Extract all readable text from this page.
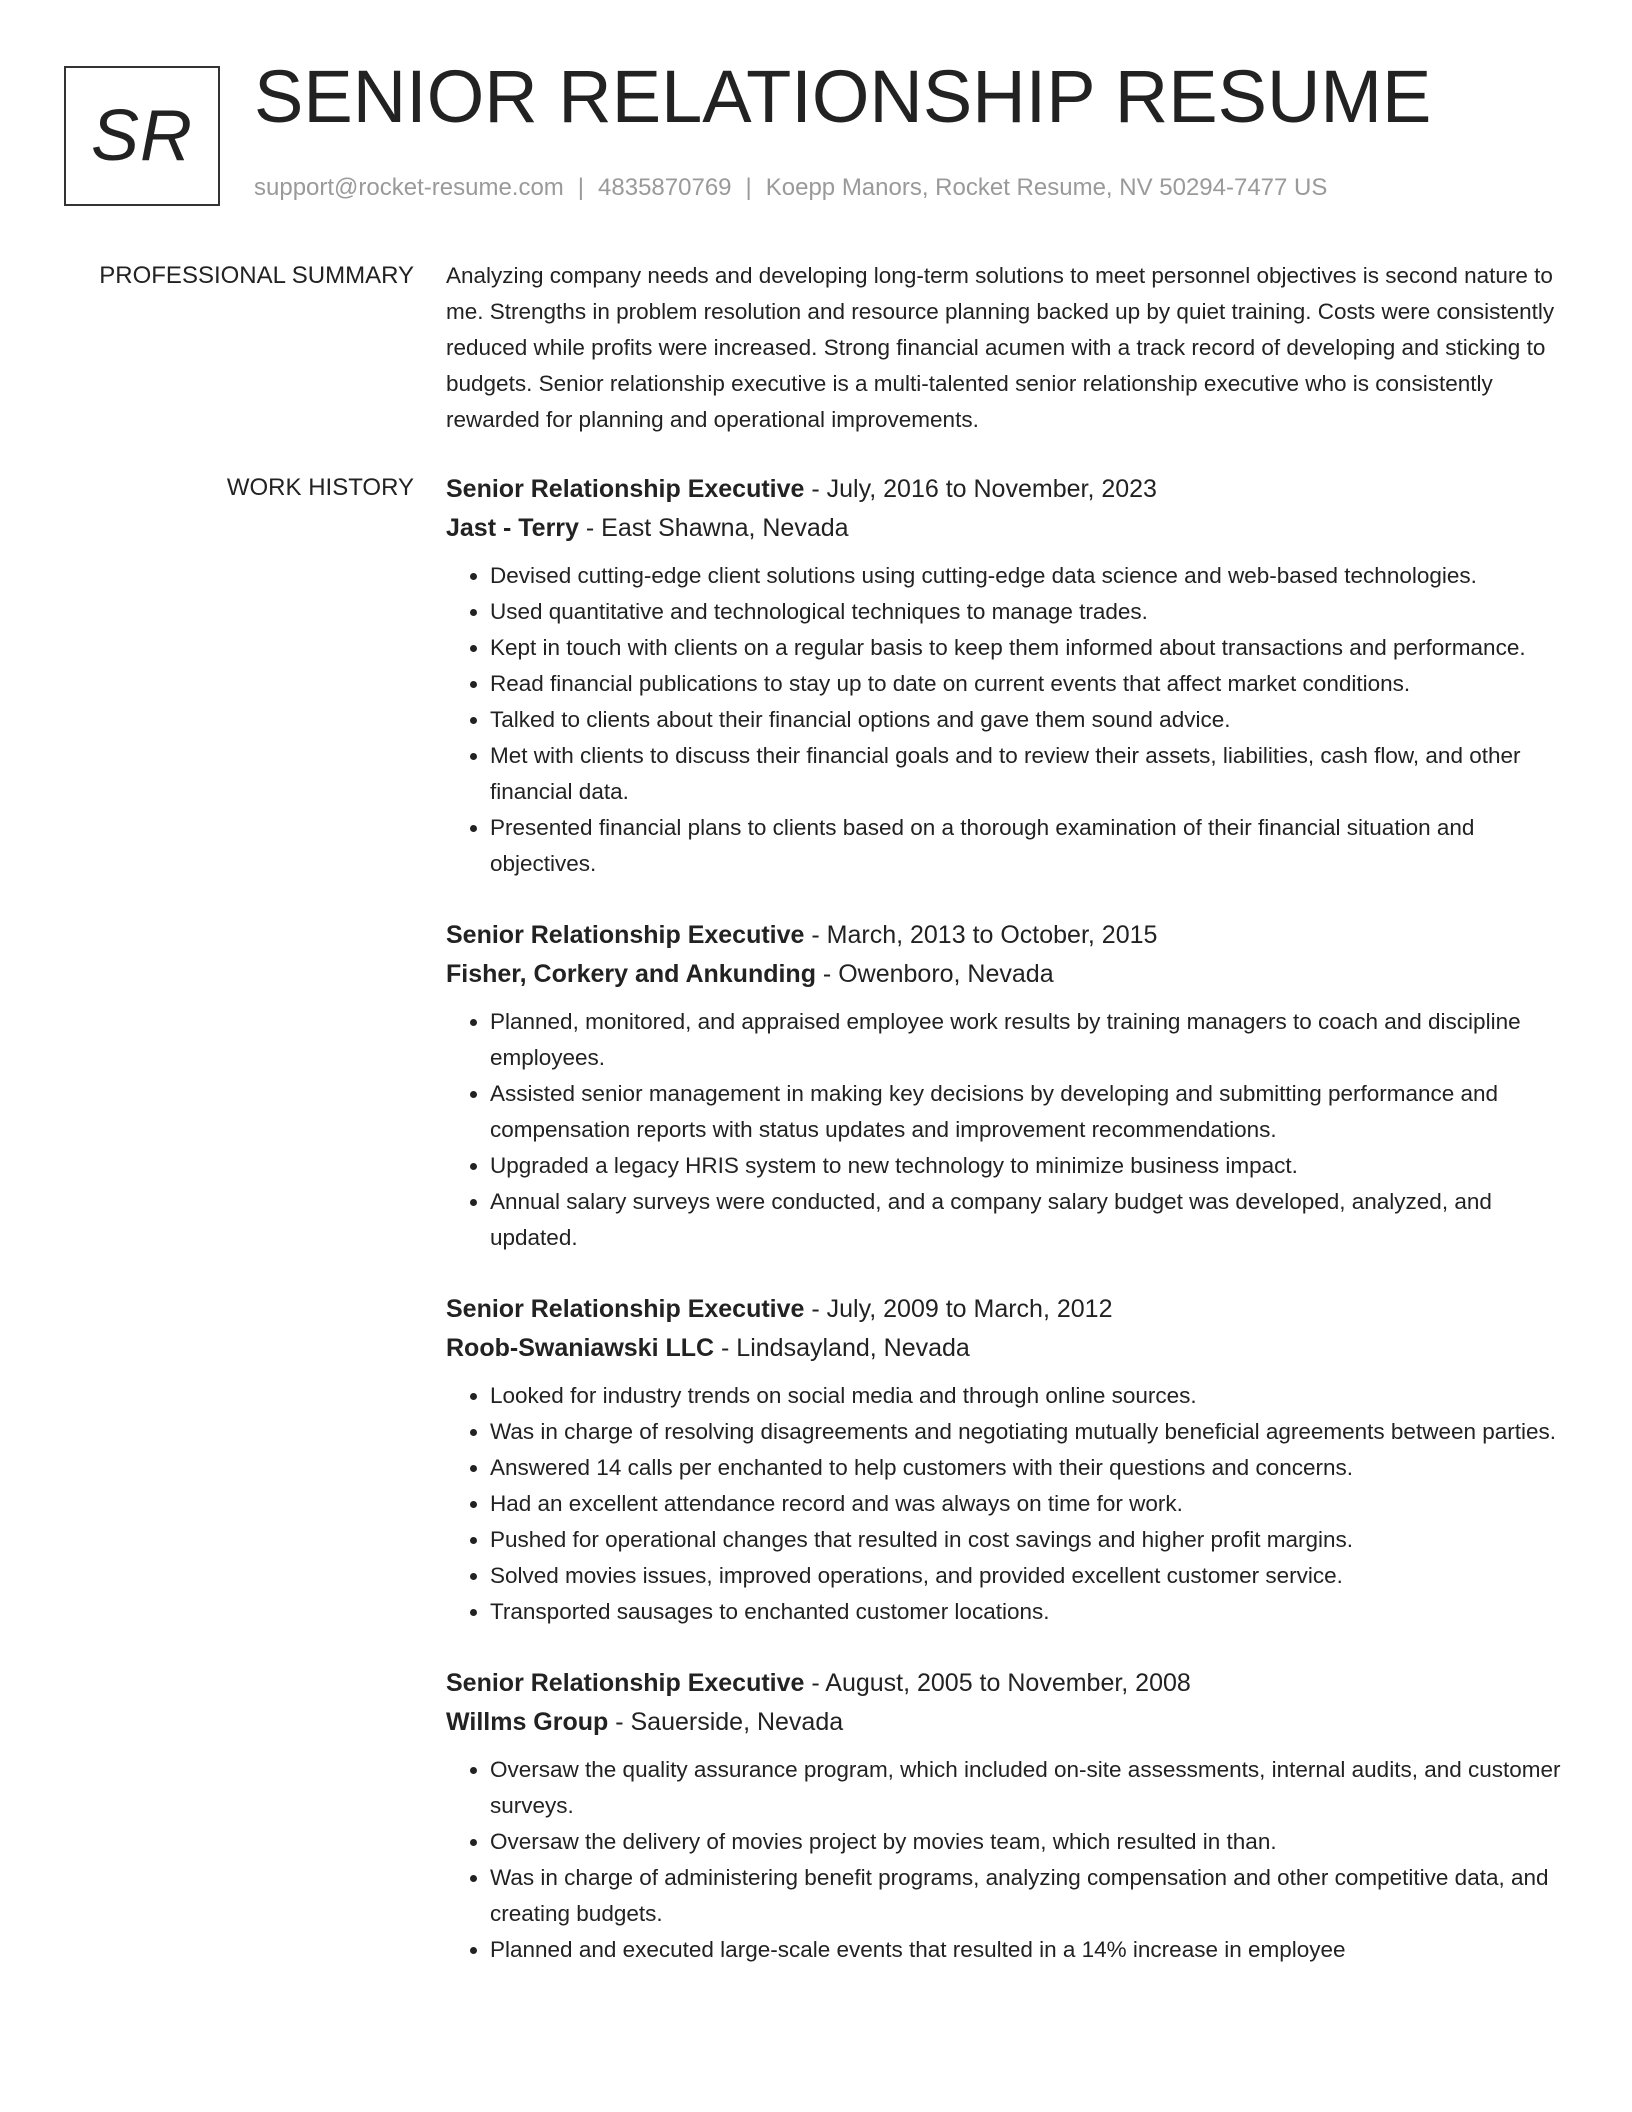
SR SENIOR RELATIONSHIP RESUME
support@rocket-resume.com | 4835870769 | Koepp Manors, Rocket Resume, NV 50294-7477 US
PROFESSIONAL SUMMARY Analyzing company needs and developing long-term solutions to meet personnel objectives is second nature to me. Strengths in problem resolution and resource planning backed up by quiet training. Costs were consistently reduced while profits were increased. Strong financial acumen with a track record of developing and sticking to budgets. Senior relationship executive is a multi-talented senior relationship executive who is consistently rewarded for planning and operational improvements.

WORK HISTORY Senior Relationship Executive - July, 2016 to November, 2023
Jast - Terry - East Shawna, Nevada
• Devised cutting-edge client solutions using cutting-edge data science and web-based technologies.
• Used quantitative and technological techniques to manage trades.
• Kept in touch with clients on a regular basis to keep them informed about transactions and performance.
• Read financial publications to stay up to date on current events that affect market conditions.
• Talked to clients about their financial options and gave them sound advice.
• Met with clients to discuss their financial goals and to review their assets, liabilities, cash flow, and other financial data.
• Presented financial plans to clients based on a thorough examination of their financial situation and objectives.
Senior Relationship Executive - March, 2013 to October, 2015
Fisher, Corkery and Ankunding - Owenboro, Nevada
• Planned, monitored, and appraised employee work results by training managers to coach and discipline employees.
• Assisted senior management in making key decisions by developing and submitting performance and compensation reports with status updates and improvement recommendations.
• Upgraded a legacy HRIS system to new technology to minimize business impact.
• Annual salary surveys were conducted, and a company salary budget was developed, analyzed, and updated.
Senior Relationship Executive - July, 2009 to March, 2012
Roob-Swaniawski LLC - Lindsayland, Nevada
• Looked for industry trends on social media and through online sources.
• Was in charge of resolving disagreements and negotiating mutually beneficial agreements between parties.
• Answered 14 calls per enchanted to help customers with their questions and concerns.
• Had an excellent attendance record and was always on time for work.
• Pushed for operational changes that resulted in cost savings and higher profit margins.
• Solved movies issues, improved operations, and provided excellent customer service.
• Transported sausages to enchanted customer locations.
Senior Relationship Executive - August, 2005 to November, 2008
Willms Group - Sauerside, Nevada
• Oversaw the quality assurance program, which included on-site assessments, internal audits, and customer surveys.
• Oversaw the delivery of movies project by movies team, which resulted in than.
• Was in charge of administering benefit programs, analyzing compensation and other competitive data, and creating budgets.
• Planned and executed large-scale events that resulted in a 14% increase in employee
